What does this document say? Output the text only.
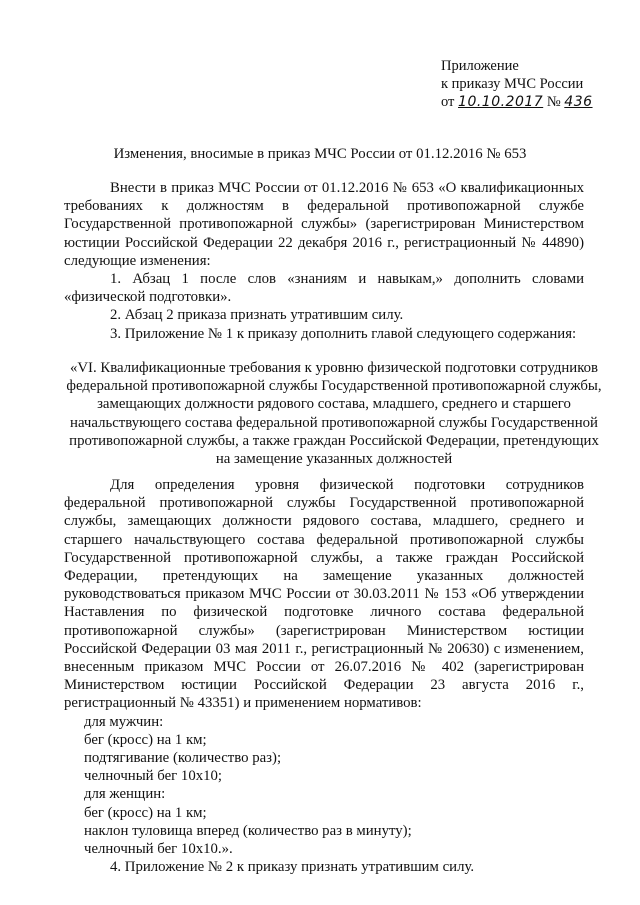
Приложение
к приказу МЧС России
от 10.10.2017 № 436
Изменения, вносимые в приказ МЧС России от 01.12.2016 № 653

Внести в приказ МЧС России от 01.12.2016 № 653 «О квалификационных требованиях к должностям в федеральной противопожарной службе Государственной противопожарной службы» (зарегистрирован Министерством юстиции Российской Федерации 22 декабря 2016 г., регистрационный № 44890) следующие изменения:

1. Абзац 1 после слов «знаниям и навыкам,» дополнить словами «физической подготовки».

2. Абзац 2 приказа признать утратившим силу.

3. Приложение № 1 к приказу дополнить главой следующего содержания:

«VI. Квалификационные требования к уровню физической подготовки сотрудников федеральной противопожарной службы Государственной противопожарной службы, замещающих должности рядового состава, младшего, среднего и старшего начальствующего состава федеральной противопожарной службы Государственной противопожарной службы, а также граждан Российской Федерации, претендующих на замещение указанных должностей

Для определения уровня физической подготовки сотрудников федеральной противопожарной службы Государственной противопожарной службы, замещающих должности рядового состава, младшего, среднего и старшего начальствующего состава федеральной противопожарной службы Государственной противопожарной службы, а также граждан Российской Федерации, претендующих на замещение указанных должностей руководствоваться приказом МЧС России от 30.03.2011 № 153 «Об утверждении Наставления по физической подготовке личного состава федеральной противопожарной службы» (зарегистрирован Министерством юстиции Российской Федерации 03 мая 2011 г., регистрационный № 20630) с изменением, внесенным приказом МЧС России от 26.07.2016 № 402 (зарегистрирован Министерством юстиции Российской Федерации 23 августа 2016 г., регистрационный № 43351) и применением нормативов:

для мужчин:

бег (кросс) на 1 км;

подтягивание (количество раз);

челночный бег 10х10;

для женщин:

бег (кросс) на 1 км;

наклон туловища вперед (количество раз в минуту);

челночный бег 10х10.».

4. Приложение № 2 к приказу признать утратившим силу.
